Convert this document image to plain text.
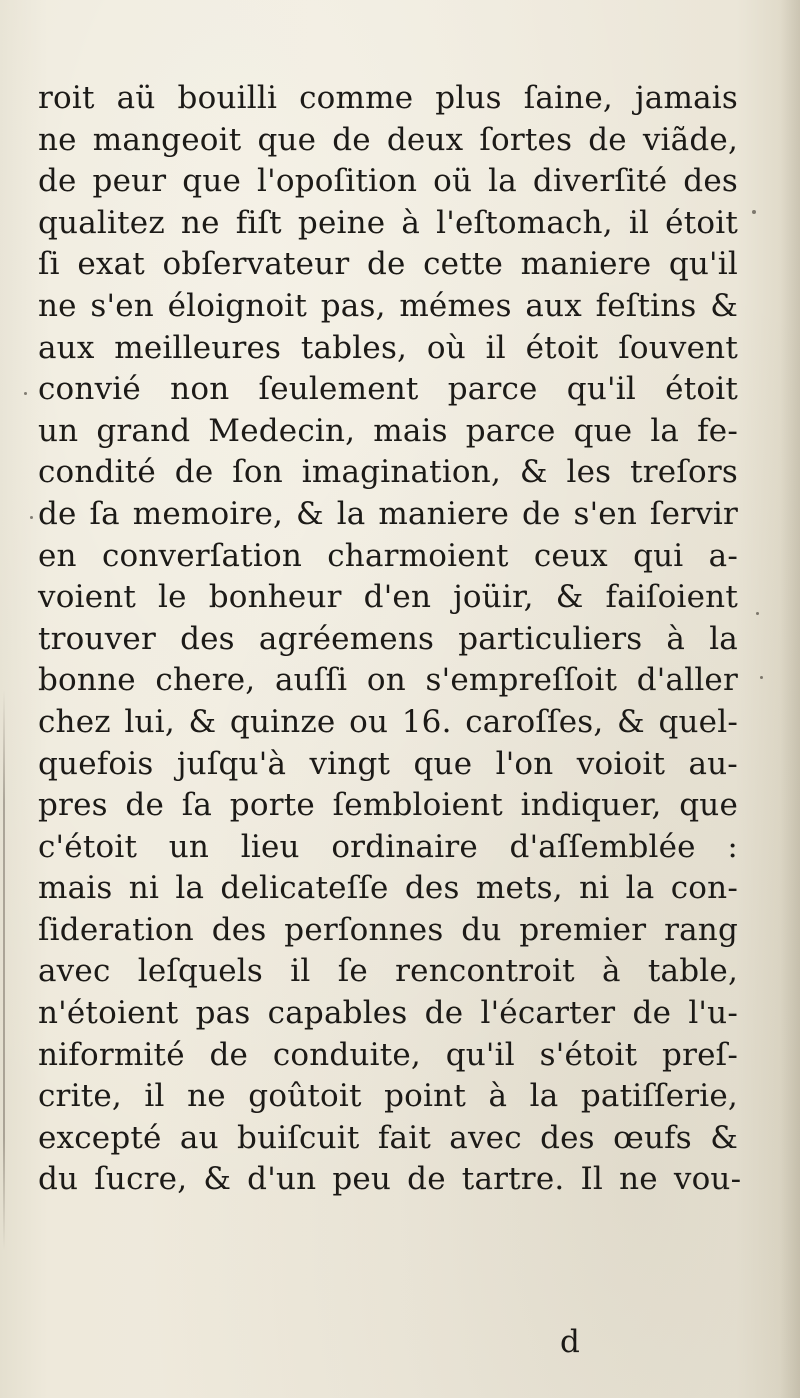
roit aü bouilli comme plus ſaine, jamais
ne mangeoit que de deux ſortes de viãde,
de peur que l'opoſition oü la diverſité des
qualitez ne fiſt peine à l'eſtomach, il étoit
ſi exat obſervateur de cette maniere qu'il
ne s'en éloignoit pas, mémes aux feſtins &
aux meilleures tables, où il étoit ſouvent
convié non ſeulement parce qu'il étoit
un grand Medecin, mais parce que la fe-
condité de ſon imagination, & les treſors
de ſa memoire, & la maniere de s'en ſervir
en converſation charmoient ceux qui a-
voient le bonheur d'en joüir, & faiſoient
trouver des agréemens particuliers à la
bonne chere, auſſi on s'empreſſoit d'aller
chez lui, & quinze ou 16. caroſſes, & quel-
quefois juſqu'à vingt que l'on voioit au-
pres de ſa porte ſembloient indiquer, que
c'étoit un lieu ordinaire d'aſſemblée :
mais ni la delicateſſe des mets, ni la con-
ſideration des perſonnes du premier rang
avec leſquels il ſe rencontroit à table,
n'étoient pas capables de l'écarter de l'u-
niformité de conduite, qu'il s'étoit preſ-
crite, il ne goûtoit point à la patiſſerie,
excepté au buiſcuit fait avec des œufs &
du ſucre, & d'un peu de tartre. Il ne vou-
d
